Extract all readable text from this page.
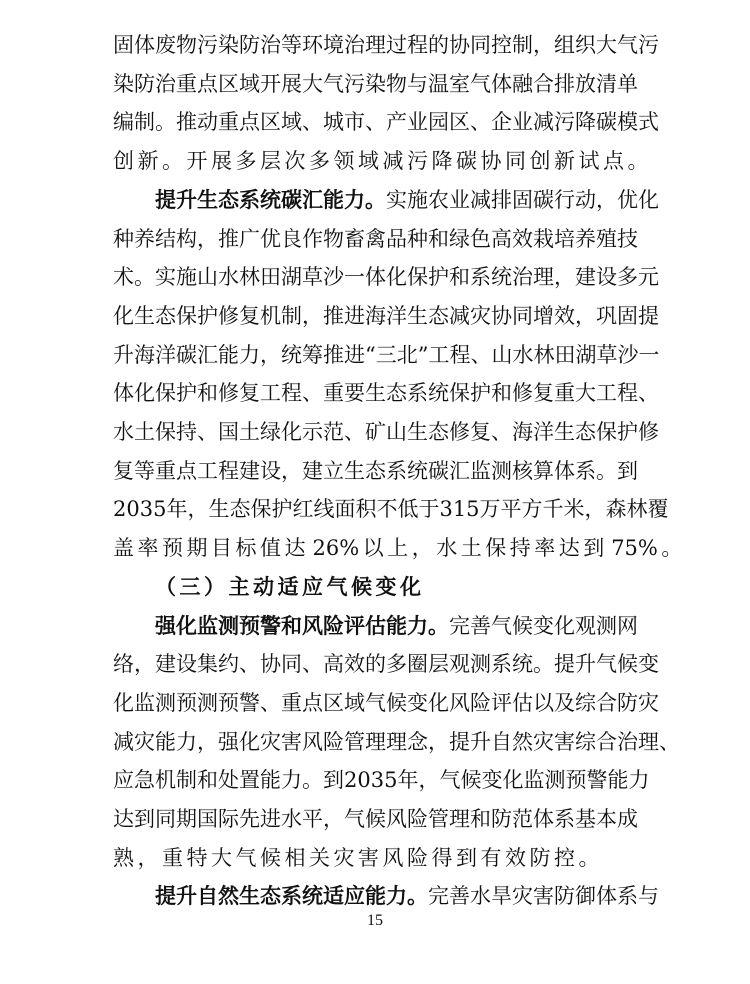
固 体 废 物 污 染 防 治 等 环 境 治 理 过 程 的 协 同 控 制 ， 组 织 大 气 污
染 防 治 重 点 区 域 开 展 大 气 污 染 物 与 温 室 气 体 融 合 排 放 清 单
编 制 。 推 动 重 点 区 域 、 城 市 、 产 业 园 区 、 企 业 减 污 降 碳 模 式
创 新 。 开 展 多 层 次 多 领 域 减 污 降 碳 协 同 创 新 试 点 。
提 升 生 态 系 统 碳 汇 能 力 。 实 施 农 业 减 排 固 碳 行 动 ， 优 化
种 养 结 构 ， 推 广 优 良 作 物 畜 禽 品 种 和 绿 色 高 效 栽 培 养 殖 技
术 。 实 施 山 水 林 田 湖 草 沙 一 体 化 保 护 和 系 统 治 理 ， 建 设 多 元
化 生 态 保 护 修 复 机 制 ， 推 进 海 洋 生 态 减 灾 协 同 增 效 ， 巩 固 提
升 海 洋 碳 汇 能 力 ， 统 筹 推 进 “ 三 北 ” 工 程 、 山 水 林 田 湖 草 沙 一
体 化 保 护 和 修 复 工 程 、 重 要 生 态 系 统 保 护 和 修 复 重 大 工 程 、
水 土 保 持 、 国 土 绿 化 示 范 、 矿 山 生 态 修 复 、 海 洋 生 态 保 护 修
复 等 重 点 工 程 建 设 ， 建 立 生 态 系 统 碳 汇 监 测 核 算 体 系 。 到
2035 年 ， 生 态 保 护 红 线 面 积 不 低 于 315 万 平 方 千 米 ， 森 林 覆
盖 率 预 期 目 标 值 达 26% 以 上 ， 水 土 保 持 率 达 到 75% 。
（ 三 ） 主 动 适 应 气 候 变 化
强 化 监 测 预 警 和 风 险 评 估 能 力 。 完 善 气 候 变 化 观 测 网
络 ， 建 设 集 约 、 协 同 、 高 效 的 多 圈 层 观 测 系 统 。 提 升 气 候 变
化 监 测 预 测 预 警 、 重 点 区 域 气 候 变 化 风 险 评 估 以 及 综 合 防 灾
减 灾 能 力 ， 强 化 灾 害 风 险 管 理 理 念 ， 提 升 自 然 灾 害 综 合 治 理 、
应 急 机 制 和 处 置 能 力 。 到 2035 年 ， 气 候 变 化 监 测 预 警 能 力
达 到 同 期 国 际 先 进 水 平 ， 气 候 风 险 管 理 和 防 范 体 系 基 本 成
熟 ， 重 特 大 气 候 相 关 灾 害 风 险 得 到 有 效 防 控 。
提 升 自 然 生 态 系 统 适 应 能 力 。 完 善 水 旱 灾 害 防 御 体 系 与
15
